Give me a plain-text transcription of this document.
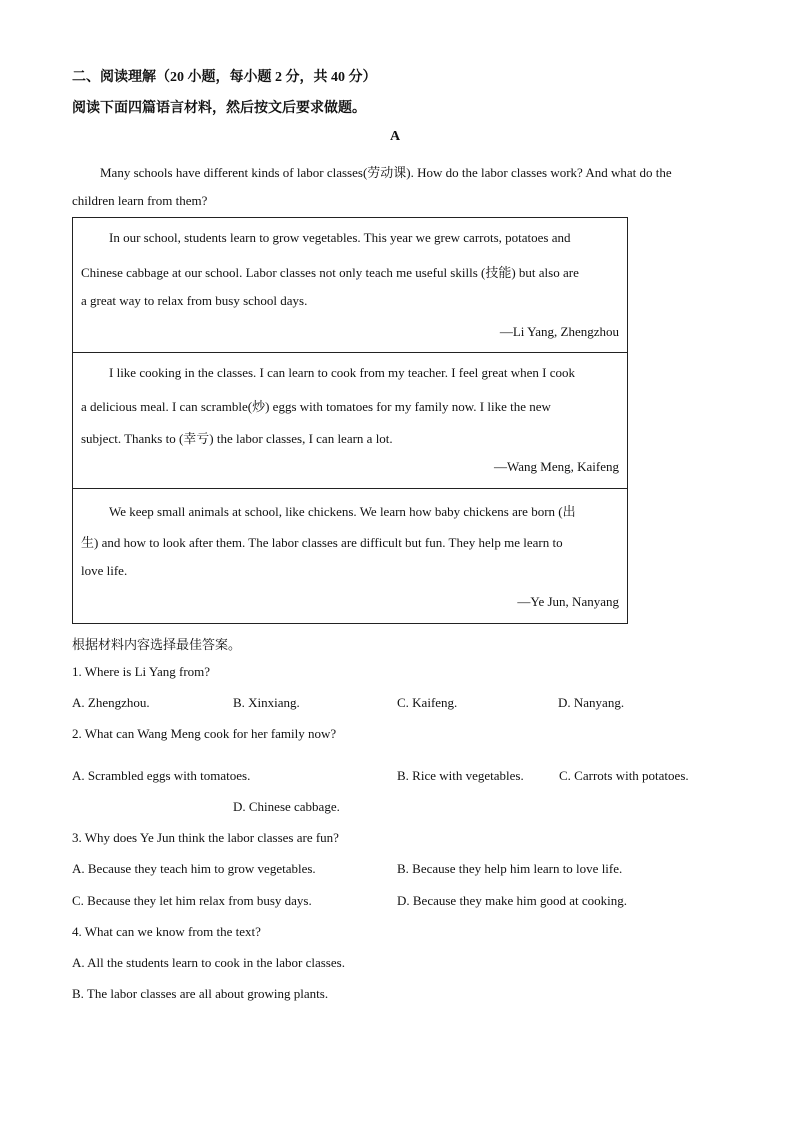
二、阅读理解（20 小题，每小题 2 分，共 40 分）
阅读下面四篇语言材料，然后按文后要求做题。
A
Many schools have different kinds of labor classes(劳动课). How do the labor classes work? And what do the
children learn from them?
In our school, students learn to grow vegetables. This year we grew carrots, potatoes and
Chinese cabbage at our school. Labor classes not only teach me useful skills (技能) but also are
a great way to relax from busy school days.
—Li Yang, Zhengzhou
I like cooking in the classes. I can learn to cook from my teacher. I feel great when I cook
a delicious meal. I can scramble(炒) eggs with tomatoes for my family now. I like the new
subject. Thanks to (幸亏) the labor classes, I can learn a lot.
—Wang Meng, Kaifeng
We keep small animals at school, like chickens. We learn how baby chickens are born (出
生) and how to look after them. The labor classes are difficult but fun. They help me learn to
love life.
—Ye Jun, Nanyang
根据材料内容选择最佳答案。
1. Where is Li Yang from?
A. Zhengzhou.	B. Xinxiang.	C. Kaifeng.	D. Nanyang.
2. What can Wang Meng cook for her family now?
A. Scrambled eggs with tomatoes.	B. Rice with vegetables.	C. Carrots with potatoes.
D. Chinese cabbage.
3. Why does Ye Jun think the labor classes are fun?
A. Because they teach him to grow vegetables.	B. Because they help him learn to love life.
C. Because they let him relax from busy days.	D. Because they make him good at cooking.
4. What can we know from the text?
A. All the students learn to cook in the labor classes.
B. The labor classes are all about growing plants.
